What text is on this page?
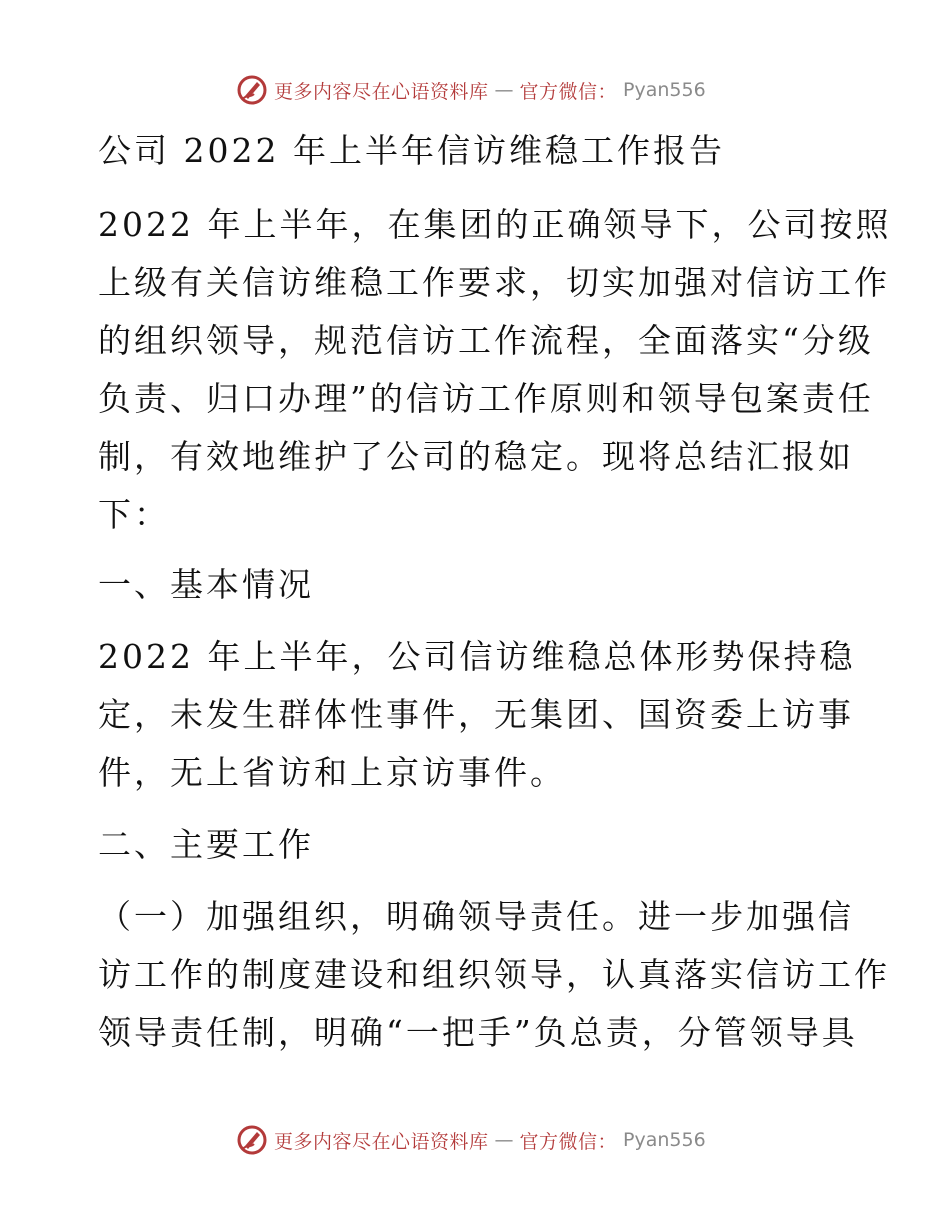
更多内容尽在心语资料库 — 官方微信： Pyan556
公司 2022 年上半年信访维稳工作报告
2022 年上半年，在集团的正确领导下，公司按照
上级有关信访维稳工作要求，切实加强对信访工作
的组织领导，规范信访工作流程，全面落实“分级
负责、归口办理”的信访工作原则和领导包案责任
制，有效地维护了公司的稳定。现将总结汇报如
下：
一、基本情况
2022 年上半年，公司信访维稳总体形势保持稳
定，未发生群体性事件，无集团、国资委上访事
件，无上省访和上京访事件。
二、主要工作
（一）加强组织，明确领导责任。进一步加强信
访工作的制度建设和组织领导，认真落实信访工作
领导责任制，明确“一把手”负总责，分管领导具
更多内容尽在心语资料库 — 官方微信： Pyan556
